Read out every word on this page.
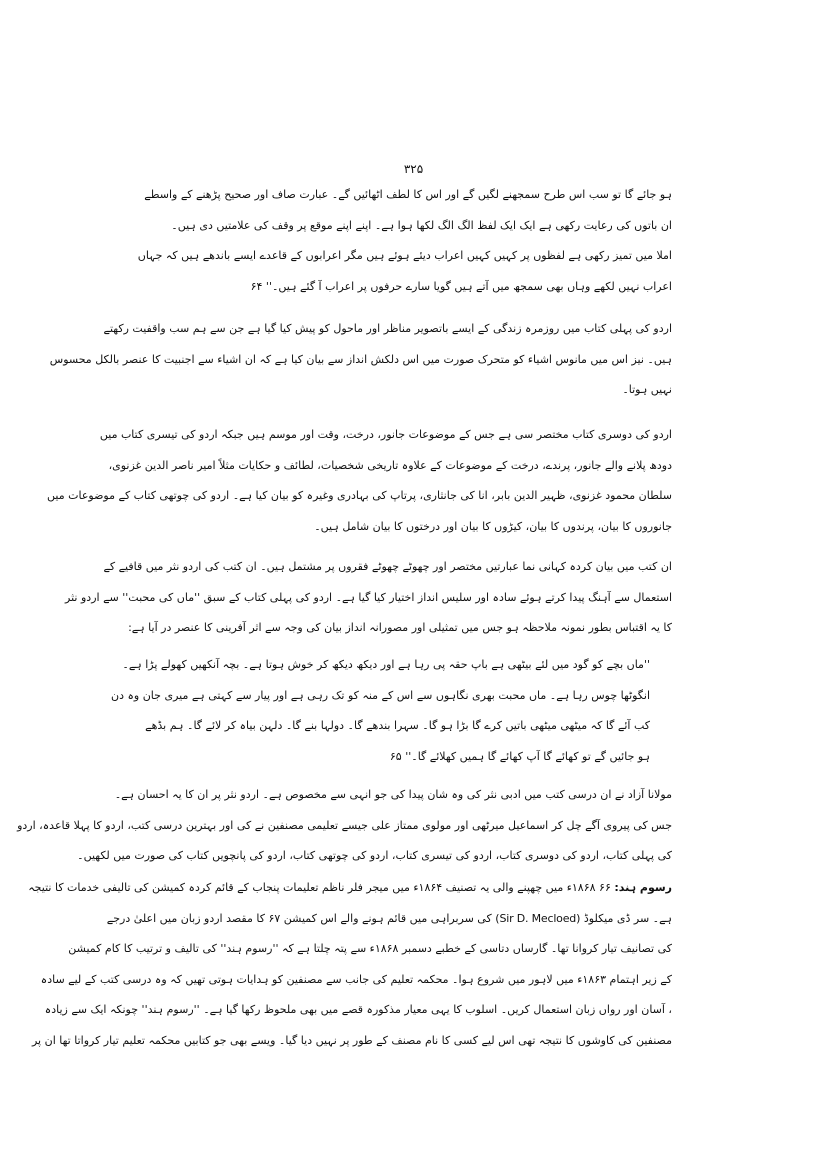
۳۲۵
ہو جائے گا تو سب اس طرح سمجھنے لگیں گے اور اس کا لطف اٹھائیں گے۔ عبارت صاف اور صحیح پڑھنے کے واسطے
ان باتوں کی رعایت رکھی ہے ایک ایک لفظ الگ الگ لکھا ہوا ہے۔ اپنے اپنے موقع پر وقف کی علامتیں دی ہیں۔
املا میں تمیز رکھی ہے لفظوں پر کہیں کہیں اعراب دیئے ہوئے ہیں مگر اعرابوں کے قاعدے ایسے باندھے ہیں کہ جہاں
اعراب نہیں لکھے وہاں بھی سمجھ میں آتے ہیں گویا سارے حرفوں پر اعراب آ گئے ہیں۔'' ۶۴
اردو کی پہلی کتاب میں روزمرہ زندگی کے ایسے باتصویر مناظر اور ماحول کو پیش کیا گیا ہے جن سے ہم سب واقفیت رکھتے
ہیں۔ نیز اس میں مانوس اشیاء کو متحرک صورت میں اس دلکش انداز سے بیان کیا ہے کہ ان اشیاء سے اجنبیت کا عنصر بالکل محسوس
نہیں ہوتا۔
اردو کی دوسری کتاب مختصر سی ہے جس کے موضوعات جانور، درخت، وقت اور موسم ہیں جبکہ اردو کی تیسری کتاب میں
دودھ پلانے والے جانور، پرندے، درخت کے موضوعات کے علاوہ تاریخی شخصیات، لطائف و حکایات مثلاً امیر ناصر الدین غزنوی،
سلطان محمود غزنوی، ظہیر الدین بابر، انا کی جانثاری، پرتاپ کی بہادری وغیرہ کو بیان کیا ہے۔ اردو کی چوتھی کتاب کے موضوعات میں
جانوروں کا بیان، پرندوں کا بیان، کیڑوں کا بیان اور درختوں کا بیان شامل ہیں۔
ان کتب میں بیان کردہ کہانی نما عبارتیں مختصر اور چھوٹے چھوٹے فقروں پر مشتمل ہیں۔ ان کتب کی اردو نثر میں قافیے کے
استعمال سے آہنگ پیدا کرتے ہوئے سادہ اور سلیس انداز اختیار کیا گیا ہے۔ اردو کی پہلی کتاب کے سبق ''ماں کی محبت'' سے اردو نثر
کا یہ اقتباس بطور نمونہ ملاحظہ ہو جس میں تمثیلی اور مصورانہ انداز بیان کی وجہ سے اثر آفرینی کا عنصر در آیا ہے:
''ماں بچے کو گود میں لئے بیٹھی ہے باپ حقہ پی رہا ہے اور دیکھ دیکھ کر خوش ہوتا ہے۔ بچہ آنکھیں کھولے پڑا ہے۔
انگوٹھا چوس رہا ہے۔ ماں محبت بھری نگاہوں سے اس کے منہ کو تک رہی ہے اور پیار سے کہتی ہے میری جان وہ دن
کب آئے گا کہ میٹھی میٹھی باتیں کرے گا بڑا ہو گا۔ سہرا بندھے گا۔ دولہا بنے گا۔ دلہن بیاہ کر لائے گا۔ ہم بڈھے
ہو جائیں گے تو کھائے گا آپ کھائے گا ہمیں کھلائے گا۔'' ۶۵
مولانا آزاد نے ان درسی کتب میں ادبی نثر کی وہ شان پیدا کی جو انہی سے مخصوص ہے۔ اردو نثر پر ان کا یہ احسان ہے۔
جس کی پیروی آگے چل کر اسماعیل میرٹھی اور مولوی ممتاز علی جیسے تعلیمی مصنفین نے کی اور بہترین درسی کتب، اردو کا پہلا قاعدہ، اردو
کی پہلی کتاب، اردو کی دوسری کتاب، اردو کی تیسری کتاب، اردو کی چوتھی کتاب، اردو کی پانچویں کتاب کی صورت میں لکھیں۔
رسوم ہند: ۶۶ ۱۸۶۸ء میں چھپنے والی یہ تصنیف ۱۸۶۴ء میں میجر فلر ناظم تعلیمات پنجاب کے قائم کردہ کمیشن کی تالیفی خدمات کا نتیجہ
ہے۔ سر ڈی میکلوڈ (Sir D. Mecloed) کی سربراہی میں قائم ہونے والے اس کمیشن ۶۷ کا مقصد اردو زبان میں اعلیٰ درجے
کی تصانیف تیار کروانا تھا۔ گارساں دتاسی کے خطبے دسمبر ۱۸۶۸ء سے پتہ چلتا ہے کہ ''رسوم ہند'' کی تالیف و ترتیب کا کام کمیشن
کے زیر اہتمام ۱۸۶۳ء میں لاہور میں شروع ہوا۔ محکمہ تعلیم کی جانب سے مصنفین کو ہدایات ہوتی تھیں کہ وہ درسی کتب کے لیے سادہ
، آسان اور رواں زبان استعمال کریں۔ اسلوب کا یہی معیار مذکورہ قصے میں بھی ملحوظ رکھا گیا ہے۔ ''رسوم ہند'' چونکہ ایک سے زیادہ
مصنفین کی کاوشوں کا نتیجہ تھی اس لیے کسی کا نام مصنف کے طور پر نہیں دیا گیا۔ ویسے بھی جو کتابیں محکمہ تعلیم تیار کرواتا تھا ان پر
